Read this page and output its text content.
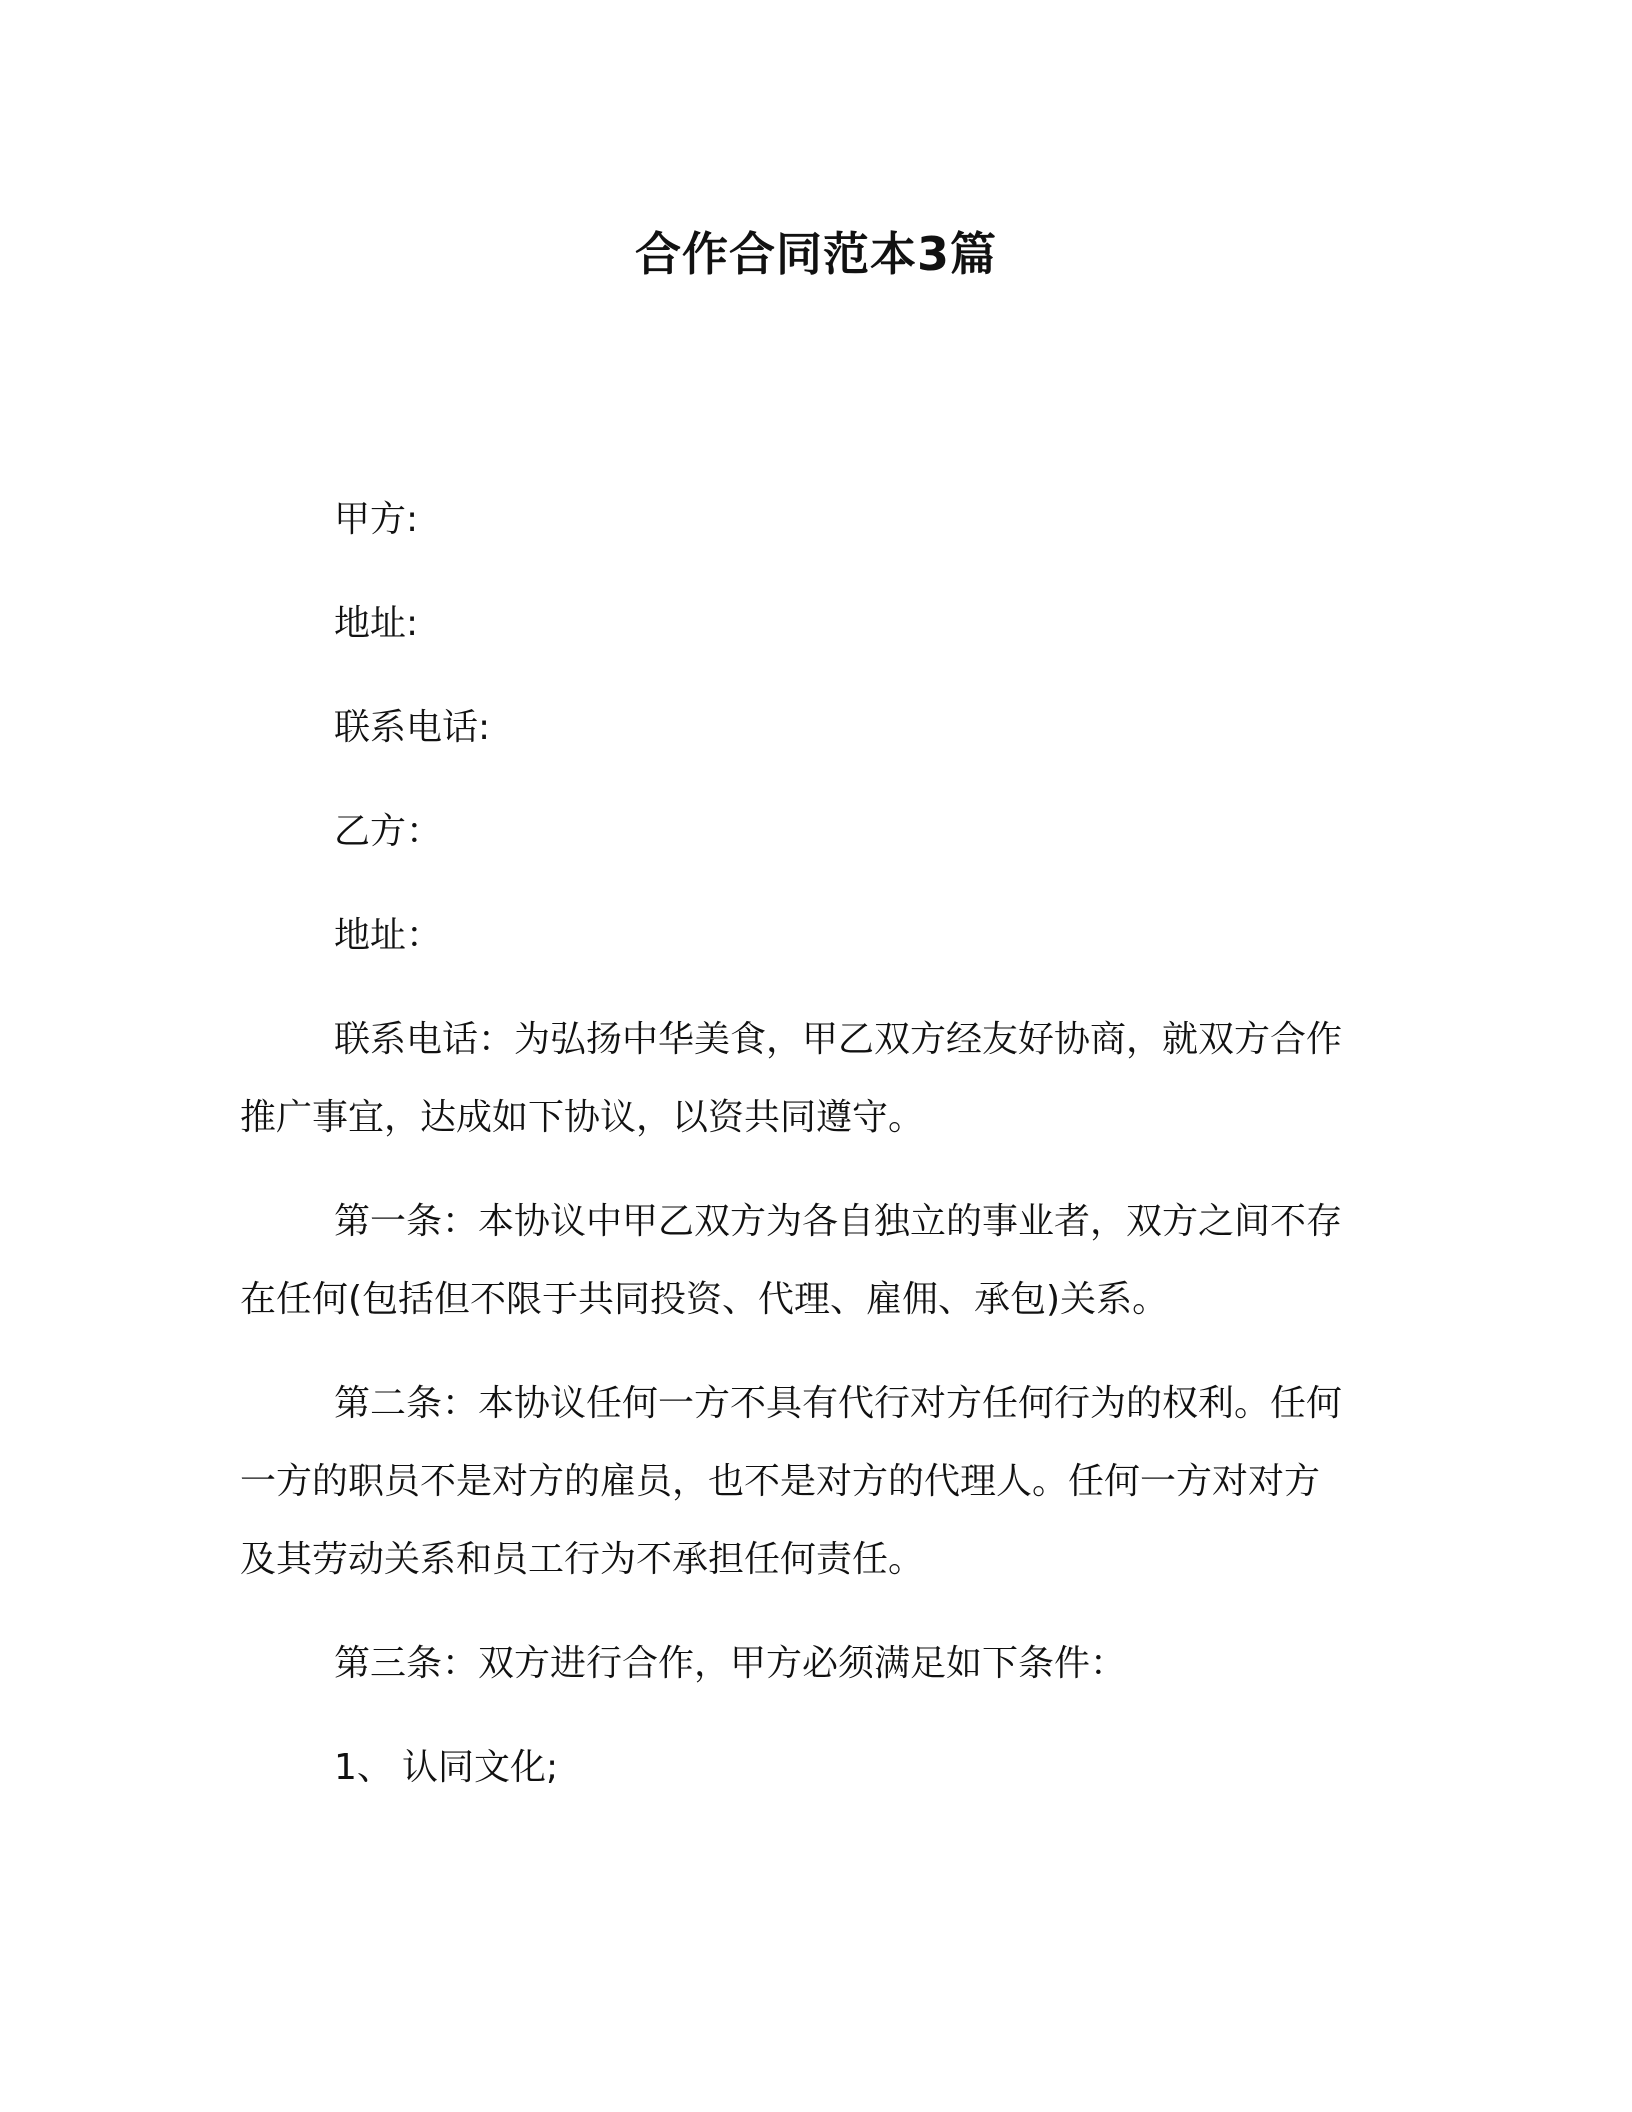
合作合同范本3篇
甲方:
地址:
联系电话:
乙方：
地址：
联系电话：为弘扬中华美食，甲乙双方经友好协商，就双方合作
推广事宜，达成如下协议，以资共同遵守。
第一条：本协议中甲乙双方为各自独立的事业者，双方之间不存
在任何(包括但不限于共同投资、代理、雇佣、承包)关系。
第二条：本协议任何一方不具有代行对方任何行为的权利。任何
一方的职员不是对方的雇员，也不是对方的代理人。任何一方对对方
及其劳动关系和员工行为不承担任何责任。
第三条：双方进行合作，甲方必须满足如下条件：
1、 认同文化;
